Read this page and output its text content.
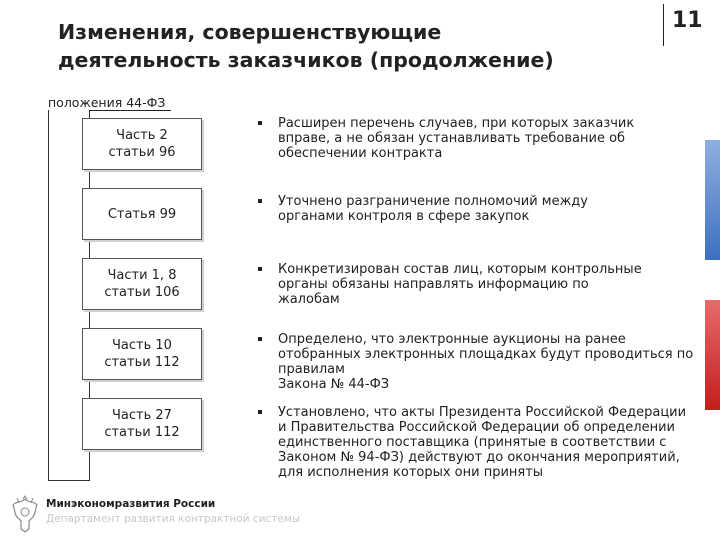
Изменения, совершенствующие
деятельность заказчиков (продолжение)
11
положения 44-ФЗ
Часть 2
статьи 96
Статья 99
Части 1, 8
статьи 106
Часть 10
статьи 112
Часть 27
статьи 112
Расширен перечень случаев, при которых заказчик
вправе, а не обязан устанавливать требование об
обеспечении контракта
Уточнено разграничение полномочий между
органами контроля в сфере закупок
Конкретизирован состав лиц, которым контрольные
органы обязаны направлять информацию по
жалобам
Определено, что электронные аукционы на ранее
отобранных электронных площадках будут проводиться по
правилам
Закона № 44-ФЗ
Установлено, что акты Президента Российской Федерации
и Правительства Российской Федерации об определении
единственного поставщика (принятые в соответствии с
Законом № 94-ФЗ) действуют до окончания мероприятий,
для исполнения которых они приняты
Минэкономразвития России
Департамент развития контрактной системы
